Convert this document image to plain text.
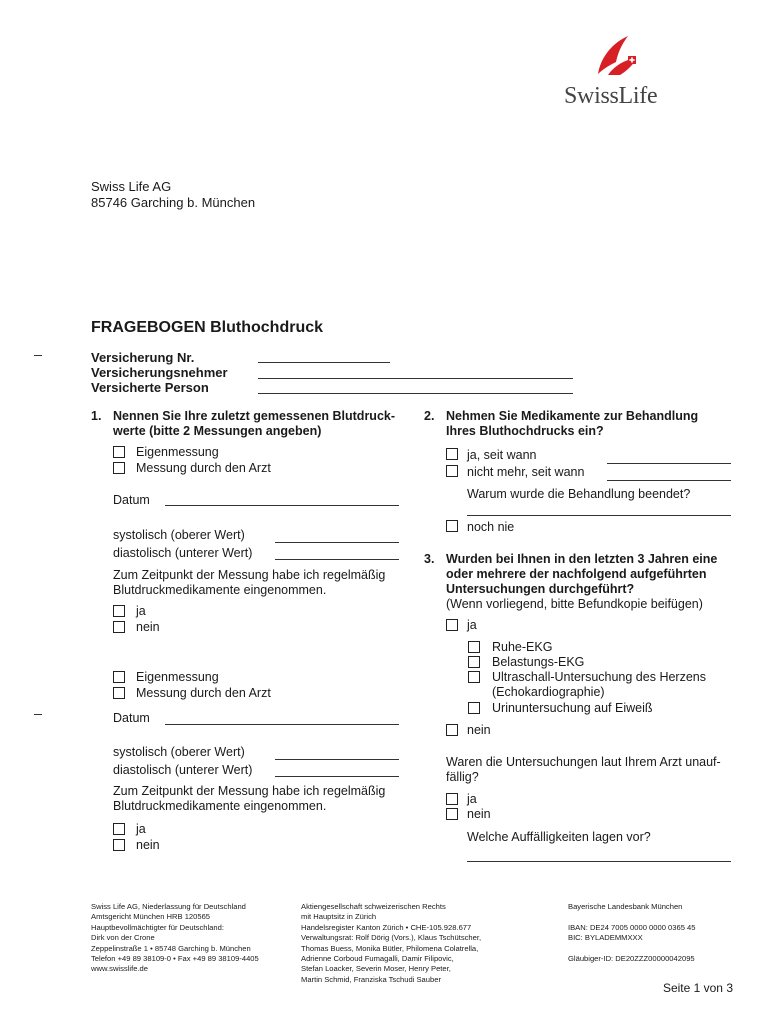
SwissLife
Swiss Life AG
85746 Garching b. München
FRAGEBOGEN Bluthochdruck
Versicherung Nr.
Versicherungsnehmer
Versicherte Person
1. Nennen Sie Ihre zuletzt gemessenen Blutdruck-
werte (bitte 2 Messungen angeben)
Eigenmessung
Messung durch den Arzt
Datum
systolisch (oberer Wert)
diastolisch (unterer Wert)
Zum Zeitpunkt der Messung habe ich regelmäßig
Blutdruckmedikamente eingenommen.
ja
nein
Eigenmessung
Messung durch den Arzt
Datum
systolisch (oberer Wert)
diastolisch (unterer Wert)
Zum Zeitpunkt der Messung habe ich regelmäßig
Blutdruckmedikamente eingenommen.
ja
nein
2. Nehmen Sie Medikamente zur Behandlung
Ihres Bluthochdrucks ein?
ja, seit wann
nicht mehr, seit wann
Warum wurde die Behandlung beendet?
noch nie
3. Wurden bei Ihnen in den letzten 3 Jahren eine
oder mehrere der nachfolgend aufgeführten
Untersuchungen durchgeführt?
(Wenn vorliegend, bitte Befundkopie beifügen)
ja
Ruhe-EKG
Belastungs-EKG
Ultraschall-Untersuchung des Herzens
(Echokardiographie)
Urinuntersuchung auf Eiweiß
nein
Waren die Untersuchungen laut Ihrem Arzt unauf-
fällig?
ja
nein
Welche Auffälligkeiten lagen vor?
Swiss Life AG, Niederlassung für Deutschland
Amtsgericht München HRB 120565
Hauptbevollmächtigter für Deutschland:
Dirk von der Crone
Zeppelinstraße 1 • 85748 Garching b. München
Telefon +49 89 38109-0 • Fax +49 89 38109-4405
www.swisslife.de
Aktiengesellschaft schweizerischen Rechts
mit Hauptsitz in Zürich
Handelsregister Kanton Zürich • CHE-105.928.677
Verwaltungsrat: Rolf Dörig (Vors.), Klaus Tschütscher,
Thomas Buess, Monika Bütler, Philomena Colatrella,
Adrienne Corboud Fumagalli, Damir Filipovic,
Stefan Loacker, Severin Moser, Henry Peter,
Martin Schmid, Franziska Tschudi Sauber
Bayerische Landesbank München
IBAN: DE24 7005 0000 0000 0365 45
BIC: BYLADEMMXXX
Gläubiger-ID: DE20ZZZ00000042095
Seite 1 von 3
